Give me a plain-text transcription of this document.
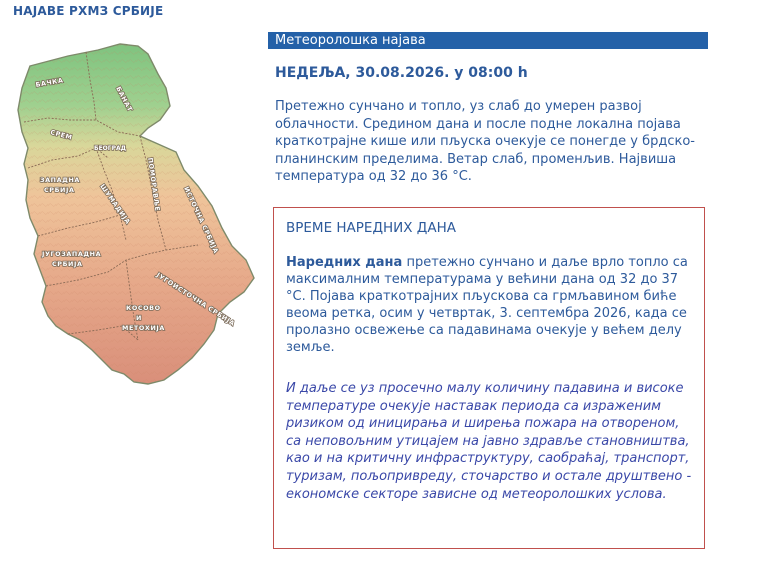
НАЈАВЕ РХМЗ СРБИЈЕ
БАЧКА
БАНАТ
СРЕМ
БЕОГРАД
ЗАПАДНА
СРБИЈА	ШУМАДИЈА ПОМОРАВЉЕ
ИСТОЧНА СРБИЈА
ЈУГОЗАПАДНА
СРБИЈА
ЈУГОИСТОЧНА СРБИЈА
КОСОВО
И
МЕТОХИЈА
Метеоролошка најава
НЕДЕЉА, 30.08.2026. у 08:00 h
Претежно сунчано и топло, уз слаб до умерен развој облачности. Средином дана и после подне локална појава краткотрајне кише или пљуска очекује се понегде у брдско-планинским пределима. Ветар слаб, променљив. Највиша температура од 32 до 36 °C.
ВРЕМЕ НАРЕДНИХ ДАНА
Наредних дана претежно сунчано и даље врло топло са максималним температурама у већини дана од 32 до 37 °C. Појава краткотрајних пљускова са грмљавином биће веома ретка, осим у четвртак, 3. септембра 2026, када се пролазно освежење са падавинама очекује у већем делу земље.
И даље се уз просечно малу количину падавина и високе температуре очекује наставак периода са израженим ризиком од иницирања и ширења пожара на отвореном, са неповољним утицајем на јавно здравље становништва, као и на критичну инфраструктуру, саобраћај, транспорт, туризам, пољопривреду, сточарство и остале друштвено - економске секторе зависне од метеоролошких услова.
